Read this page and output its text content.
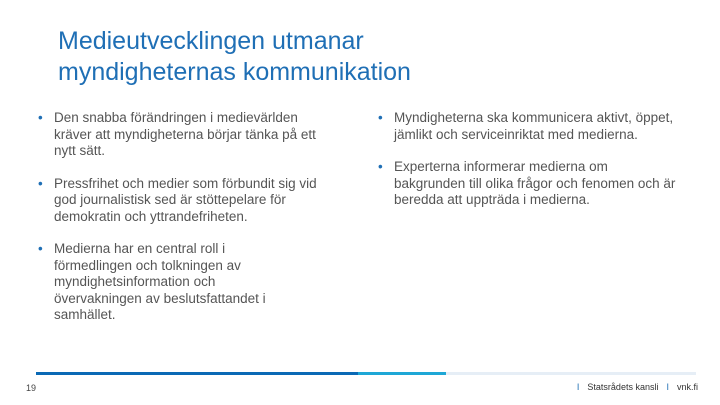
Medieutvecklingen utmanar
myndigheternas kommunikation
• Den snabba förändringen i medievärlden kräver att myndigheterna börjar tänka på ett nytt sätt.
• Pressfrihet och medier som förbundit sig vid god journalistisk sed är stöttepelare för demokratin och yttrandefriheten.
• Medierna har en central roll i förmedlingen och tolkningen av myndighetsinformation och övervakningen av beslutsfattandet i samhället.
• Myndigheterna ska kommunicera aktivt, öppet, jämlikt och serviceinriktat med medierna.
• Experterna informerar medierna om bakgrunden till olika frågor och fenomen och är beredda att uppträda i medierna.
19	I Statsrådets kansli I vnk.fi
